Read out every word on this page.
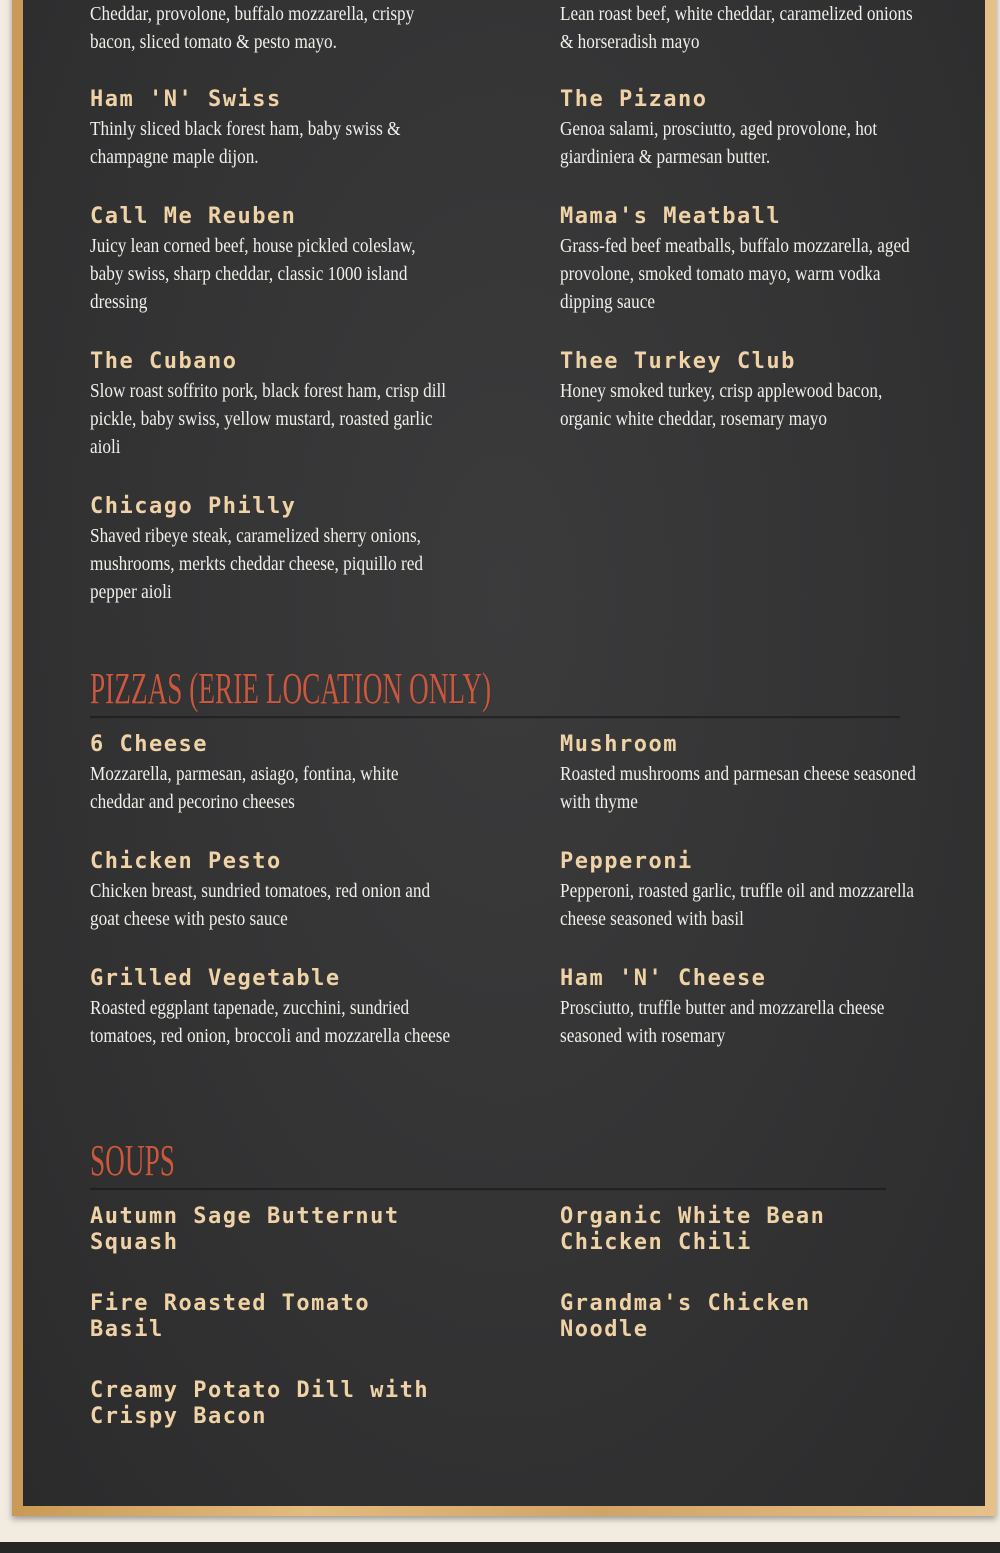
Cheddar, provolone, buffalo mozzarella, crispy bacon, sliced tomato & pesto mayo.
Lean roast beef, white cheddar, caramelized onions & horseradish mayo
Ham 'N' Swiss
Thinly sliced black forest ham, baby swiss & champagne maple dijon.
The Pizano
Genoa salami, prosciutto, aged provolone, hot giardiniera & parmesan butter.
Call Me Reuben
Juicy lean corned beef, house pickled coleslaw, baby swiss, sharp cheddar, classic 1000 island dressing
Mama's Meatball
Grass-fed beef meatballs, buffalo mozzarella, aged provolone, smoked tomato mayo, warm vodka dipping sauce
The Cubano
Slow roast soffrito pork, black forest ham, crisp dill pickle, baby swiss, yellow mustard, roasted garlic aioli
Thee Turkey Club
Honey smoked turkey, crisp applewood bacon, organic white cheddar, rosemary mayo
Chicago Philly
Shaved ribeye steak, caramelized sherry onions, mushrooms, merkts cheddar cheese, piquillo red pepper aioli
PIZZAS (ERIE LOCATION ONLY)
6 Cheese
Mozzarella, parmesan, asiago, fontina, white cheddar and pecorino cheeses
Mushroom
Roasted mushrooms and parmesan cheese seasoned with thyme
Chicken Pesto
Chicken breast, sundried tomatoes, red onion and goat cheese with pesto sauce
Pepperoni
Pepperoni, roasted garlic, truffle oil and mozzarella cheese seasoned with basil
Grilled Vegetable
Roasted eggplant tapenade, zucchini, sundried tomatoes, red onion, broccoli and mozzarella cheese
Ham 'N' Cheese
Prosciutto, truffle butter and mozzarella cheese seasoned with rosemary
SOUPS
Autumn Sage Butternut
Squash
Organic White Bean
Chicken Chili
Fire Roasted Tomato
Basil
Grandma's Chicken
Noodle
Creamy Potato Dill with
Crispy Bacon
